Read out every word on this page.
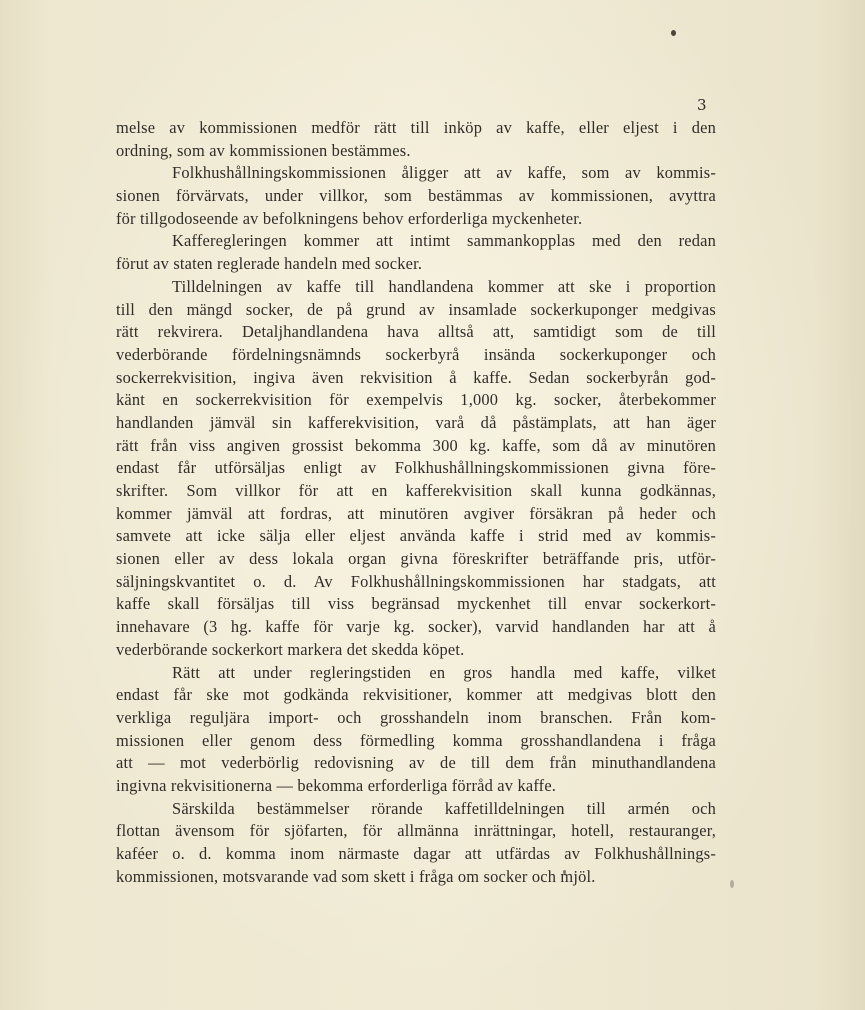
3
melse av kommissionen medför rätt till inköp av kaffe, eller eljest i den
ordning, som av kommissionen bestämmes.
Folkhushållningskommissionen åligger att av kaffe, som av kommis-
sionen förvärvats, under villkor, som bestämmas av kommissionen, avyttra
för tillgodoseende av befolkningens behov erforderliga myckenheter.
Kafferegleringen kommer att intimt sammankopplas med den redan
förut av staten reglerade handeln med socker.
Tilldelningen av kaffe till handlandena kommer att ske i proportion
till den mängd socker, de på grund av insamlade sockerkuponger medgivas
rätt rekvirera. Detaljhandlandena hava alltså att, samtidigt som de till
vederbörande fördelningsnämnds sockerbyrå insända sockerkuponger och
sockerrekvisition, ingiva även rekvisition å kaffe. Sedan sockerbyrån god-
känt en sockerrekvisition för exempelvis 1,000 kg. socker, återbekommer
handlanden jämväl sin kafferekvisition, varå då påstämplats, att han äger
rätt från viss angiven grossist bekomma 300 kg. kaffe, som då av minutören
endast får utförsäljas enligt av Folkhushållningskommissionen givna före-
skrifter. Som villkor för att en kafferekvisition skall kunna godkännas,
kommer jämväl att fordras, att minutören avgiver försäkran på heder och
samvete att icke sälja eller eljest använda kaffe i strid med av kommis-
sionen eller av dess lokala organ givna föreskrifter beträffande pris, utför-
säljningskvantitet o. d. Av Folkhushållningskommissionen har stadgats, att
kaffe skall försäljas till viss begränsad myckenhet till envar sockerkort-
innehavare (3 hg. kaffe för varje kg. socker), varvid handlanden har att å
vederbörande sockerkort markera det skedda köpet.
Rätt att under regleringstiden en gros handla med kaffe, vilket
endast får ske mot godkända rekvisitioner, kommer att medgivas blott den
verkliga reguljära import- och grosshandeln inom branschen. Från kom-
missionen eller genom dess förmedling komma grosshandlandena i fråga
att — mot vederbörlig redovisning av de till dem från minuthandlandena
ingivna rekvisitionerna — bekomma erforderliga förråd av kaffe.
Särskilda bestämmelser rörande kaffetilldelningen till armén och
flottan ävensom för sjöfarten, för allmänna inrättningar, hotell, restauranger,
kaféer o. d. komma inom närmaste dagar att utfärdas av Folkhushållnings-
kommissionen, motsvarande vad som skett i fråga om socker och mjöl.
